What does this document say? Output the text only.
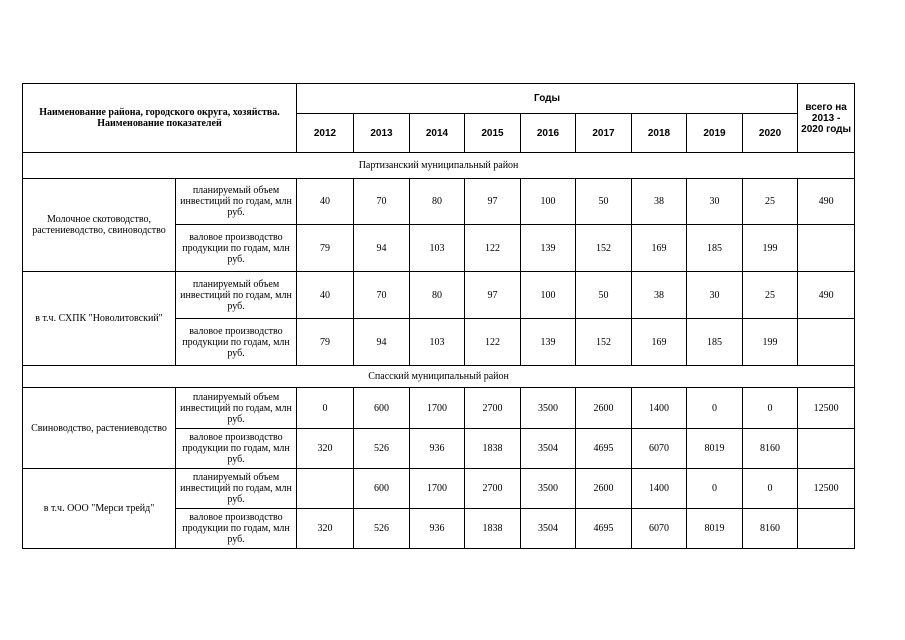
Наименование района, городского округа, хозяйства. Наименование показателей		Годы									всего на 2013 - 2020 годы
		2012	2013	2014	2015	2016	2017	2018	2019	2020	
Партизанский муниципальный район											
Молочное скотоводство, растениеводство, свиноводство	планируемый объем инвестиций по годам, млн руб.	40	70	80	97	100	50	38	30	25	490
	валовое производство продукции по годам, млн руб.	79	94	103	122	139	152	169	185	199	
в т.ч. СХПК "Новолитовский"	планируемый объем инвестиций по годам, млн руб.	40	70	80	97	100	50	38	30	25	490
	валовое производство продукции по годам, млн руб.	79	94	103	122	139	152	169	185	199	
Спасский муниципальный район											
Свиноводство, растениеводство	планируемый объем инвестиций по годам, млн руб.	0	600	1700	2700	3500	2600	1400	0	0	12500
	валовое производство продукции по годам, млн руб.	320	526	936	1838	3504	4695	6070	8019	8160	
в т.ч. ООО "Мерси трейд"	планируемый объем инвестиций по годам, млн руб.		600	1700	2700	3500	2600	1400	0	0	12500
	валовое производство продукции по годам, млн руб.	320	526	936	1838	3504	4695	6070	8019	8160	
